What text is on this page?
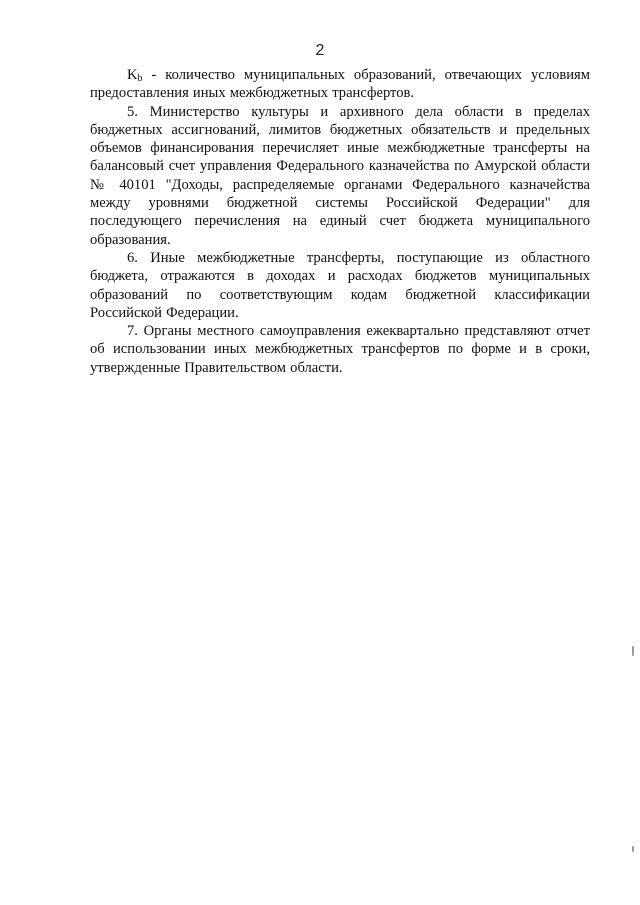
2

$K_b$ - количество муниципальных образований, отвечающих условиям предоставления иных межбюджетных трансфертов.

5. Министерство культуры и архивного дела области в пределах бюджетных ассигнований, лимитов бюджетных обязательств и предельных объемов финансирования перечисляет иные межбюджетные трансферты на балансовый счет управления Федерального казначейства по Амурской области № 40101 "Доходы, распределяемые органами Федерального казначейства между уровнями бюджетной системы Российской Федерации" для последующего перечисления на единый счет бюджета муниципального образования.

6. Иные межбюджетные трансферты, поступающие из областного бюджета, отражаются в доходах и расходах бюджетов муниципальных образований по соответствующим кодам бюджетной классификации Российской Федерации.

7. Органы местного самоуправления ежеквартально представляют отчет об использовании иных межбюджетных трансфертов по форме и в сроки, утвержденные Правительством области.
